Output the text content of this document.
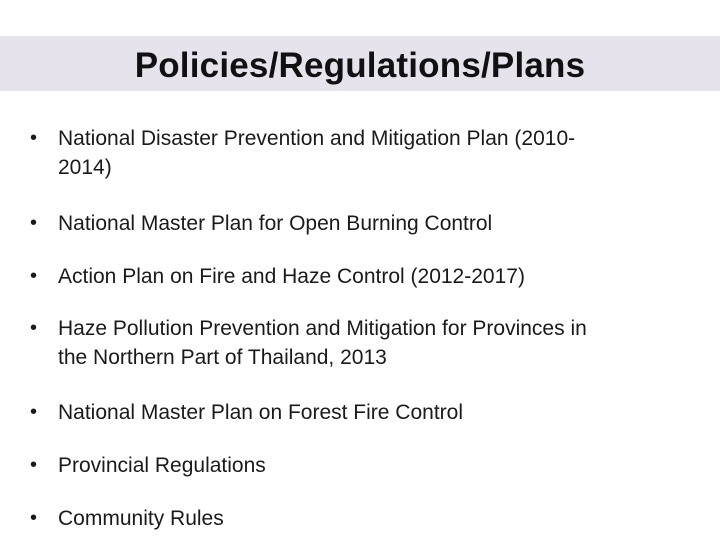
Policies/Regulations/Plans
• National Disaster Prevention and Mitigation Plan (2010-
2014)
• National Master Plan for Open Burning Control
• Action Plan on Fire and Haze Control (2012-2017)
• Haze Pollution Prevention and Mitigation for Provinces in
the Northern Part of Thailand, 2013
• National Master Plan on Forest Fire Control
• Provincial Regulations
• Community Rules
